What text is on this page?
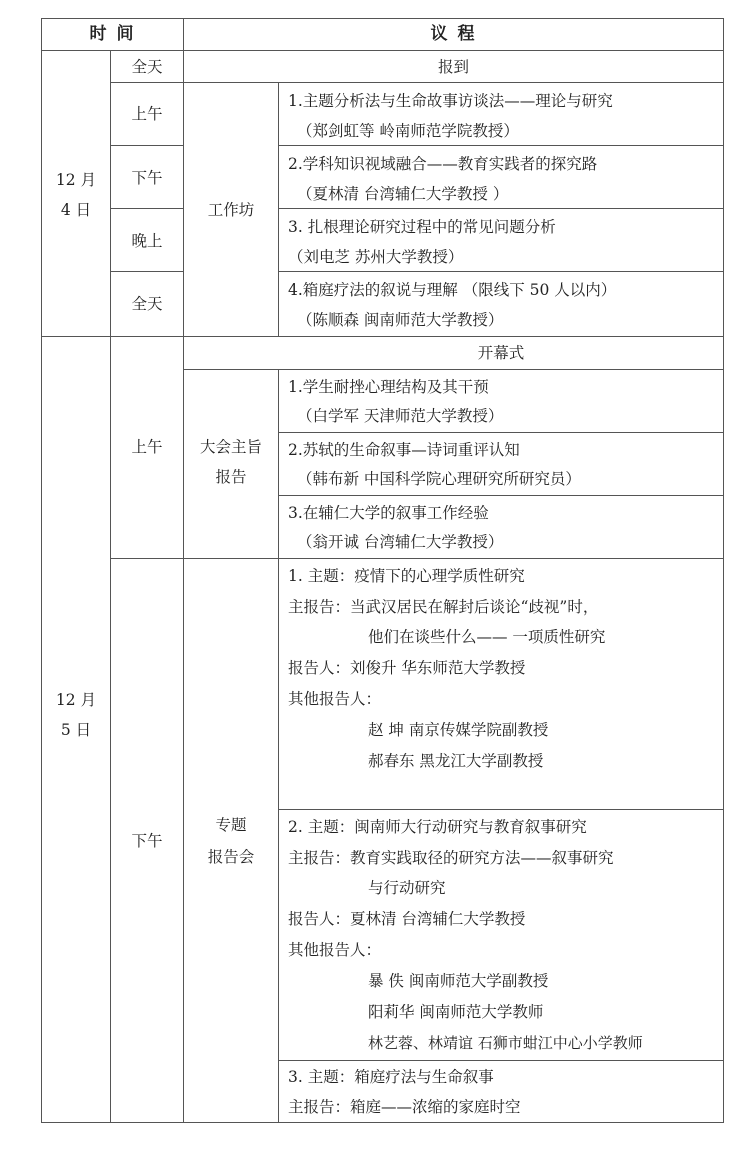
时 间	议 程
12 月
4 日
全天	报到
上午
下午
晚上
全天
工作坊
1.主题分析法与生命故事访谈法——理论与研究
（郑剑虹等 岭南师范学院教授）
2.学科知识视域融合——教育实践者的探究路
（夏林清 台湾辅仁大学教授 ）
3. 扎根理论研究过程中的常见问题分析
（刘电芝 苏州大学教授）
4.箱庭疗法的叙说与理解 （限线下 50 人以内）
（陈顺森 闽南师范大学教授）
12 月
5 日
上午
下午
开幕式
大会主旨
报告
1.学生耐挫心理结构及其干预
（白学军 天津师范大学教授）
2.苏轼的生命叙事—诗词重评认知
（韩布新 中国科学院心理研究所研究员）
3.在辅仁大学的叙事工作经验
（翁开诚 台湾辅仁大学教授）
专题
报告会
1. 主题：疫情下的心理学质性研究
主报告：当武汉居民在解封后谈论“歧视”时，
他们在谈些什么—— 一项质性研究
报告人：刘俊升 华东师范大学教授
其他报告人：
赵 坤 南京传媒学院副教授
郝春东 黑龙江大学副教授
2. 主题：闽南师大行动研究与教育叙事研究
主报告：教育实践取径的研究方法——叙事研究
与行动研究
报告人：夏林清 台湾辅仁大学教授
其他报告人：
暴 佚 闽南师范大学副教授
阳莉华 闽南师范大学教师
林艺蓉、林靖谊 石狮市蚶江中心小学教师
3. 主题：箱庭疗法与生命叙事
主报告：箱庭——浓缩的家庭时空
